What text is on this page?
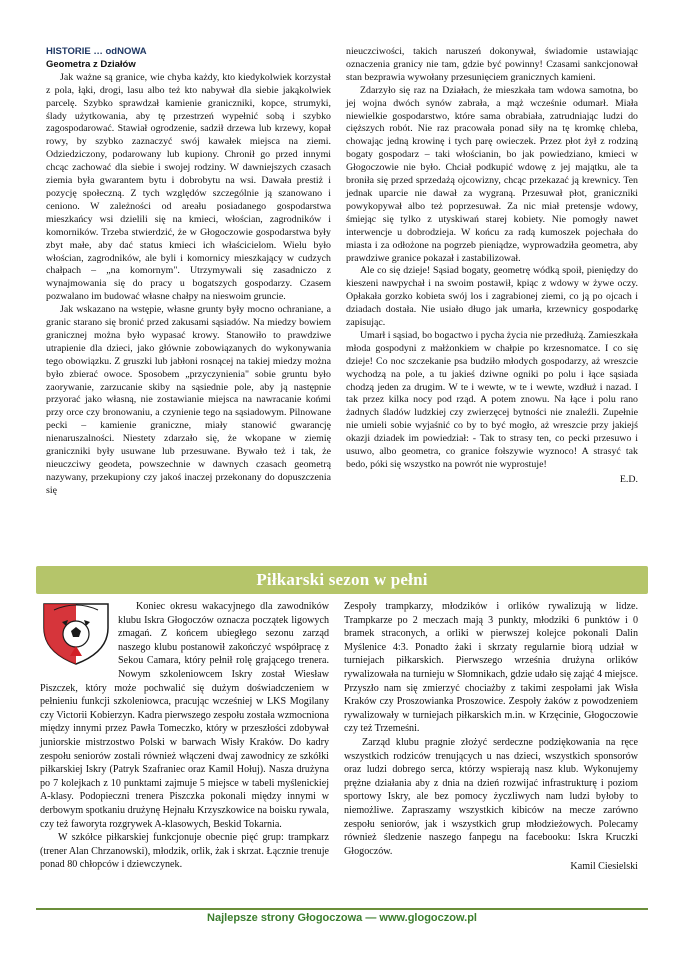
HISTORIE … odNOWA
Geometra z Działów

Jak ważne są granice, wie chyba każdy, kto kiedykolwiek korzystał z pola, łąki, drogi, lasu albo też kto nabywał dla siebie jakąkolwiek parcelę. Szybko sprawdzał kamienie graniczniki, kopce, strumyki, ślady użytkowania, aby tę przestrzeń wypełnić sobą i szybko zagospodarować. Stawiał ogrodzenie, sadził drzewa lub krzewy, kopał rowy, by szybko zaznaczyć swój kawałek miejsca na ziemi. Odziedziczony, podarowany lub kupiony. Chronił go przed innymi chcąc zachować dla siebie i swojej rodziny. W dawniejszych czasach ziemia była gwarantem bytu i dobrobytu na wsi. Dawała prestiż i pozycję społeczną. Z tych względów szczególnie ją szanowano i ceniono. W zależności od areału posiadanego gospodarstwa mieszkańcy wsi dzielili się na kmieci, włościan, zagrodników i komorników. Trzeba stwierdzić, że w Głogoczowie gospodarstwa były zbyt małe, aby dać status kmieci ich właścicielom. Wielu było włościan, zagrodników, ale byli i komornicy mieszkający w cudzych chałpach – „na komornym". Utrzymywali się zasadniczo z wynajmowania się do pracy u bogatszych gospodarzy. Czasem pozwalano im budować własne chałpy na nieswoim gruncie.

Jak wskazano na wstępie, własne grunty były mocno ochraniane, a granic starano się bronić przed zakusami sąsiadów. Na miedzy bowiem granicznej można było wypasać krowy. Stanowiło to prawdziwe utrapienie dla dzieci, jako głównie zobowiązanych do wykonywania tego obowiązku. Z gruszki lub jabłoni rosnącej na takiej miedzy można było zbierać owoce. Sposobem „przyczynienia" sobie gruntu było zaorywanie, zarzucanie skiby na sąsiednie pole, aby ją następnie przyorać jako własną, nie zostawianie miejsca na nawracanie końmi przy orce czy bronowaniu, a czynienie tego na sąsiadowym. Pilnowane pecki – kamienie graniczne, miały stanowić gwarancję nienaruszalności. Niestety zdarzało się, że wkopane w ziemię graniczniki były usuwane lub przesuwane. Bywało też i tak, że nieuczciwy geodeta, powszechnie w dawnych czasach geometrą nazywany, przekupiony czy jakoś inaczej przekonany do dopuszczenia się

nieuczciwości, takich naruszeń dokonywał, świadomie ustawiając oznaczenia granicy nie tam, gdzie być powinny! Czasami sankcjonował stan bezprawia wywołany przesunięciem granicznych kamieni.

Zdarzyło się raz na Działach, że mieszkała tam wdowa samotna, bo jej wojna dwóch synów zabrała, a mąż wcześnie odumarł. Miała niewielkie gospodarstwo, które sama obrabiała, zatrudniając ludzi do cięższych robót. Nie raz pracowała ponad siły na tę kromkę chleba, chowając jedną krowinę i tych parę owieczek. Przez płot żył z rodziną bogaty gospodarz – taki włościanin, bo jak powiedziano, kmieci w Głogoczowie nie było. Chciał podkupić wdowę z jej majątku, ale ta broniła się przed sprzedażą ojcowizny, chcąc przekazać ją krewnicy. Ten jednak uparcie nie dawał za wygraną. Przesuwał płot, graniczniki powykopywał albo też poprzesuwał. Za nic miał pretensje wdowy, śmiejąc się tylko z utyskiwań starej kobiety. Nie pomogły nawet interwencje u dobrodzieja. W końcu za radą kumoszek pojechała do miasta i za odłożone na pogrzeb pieniądze, wyprowadziła geometra, aby prawdziwe granice pokazał i zastabilizował.

Ale co się dzieje! Sąsiad bogaty, geometrę wódką spoił, pieniędzy do kieszeni nawpychał i na swoim postawił, kpiąc z wdowy w żywe oczy. Opłakała gorzko kobieta swój los i zagrabionej ziemi, co ją po ojcach i dziadach dostała. Nie usiało długo jak umarła, krzewnicy gospodarkę zapisując.

Umarł i sąsiad, bo bogactwo i pycha życia nie przedłużą. Zamieszkała młoda gospodyni z małżonkiem w chałpie po krzesnomatce. I co się dzieje! Co noc szczekanie psa budziło młodych gospodarzy, aż wreszcie wychodzą na pole, a tu jakieś dziwne ogniki po polu i łące sąsiada chodzą jeden za drugim. W te i wewte, w te i wewte, wzdłuż i nazad. I tak przez kilka nocy pod rząd. A potem znowu. Na łące i polu rano żadnych śladów ludzkiej czy zwierzęcej bytności nie znaleźli. Zupełnie nie umieli sobie wyjaśnić co by to być mogło, aż wreszcie przy jakiejś okazji dziadek im powiedział: - Tak to strasy ten, co pecki przesuwo i usuwo, albo geometra, co granice fołszywie wyznoco! A strasyć tak bedo, póki się wszystko na powrót nie wyprostuje!

E.D.
Piłkarski sezon w pełni

Koniec okresu wakacyjnego dla zawodników klubu Iskra Głogoczów oznacza początek ligowych zmagań. Z końcem ubiegłego sezonu zarząd naszego klubu postanowił zakończyć współpracę z Sekou Camara, który pełnił rolę grającego trenera. Nowym szkoleniowcem Iskry został Wiesław Piszczek, który może pochwalić się dużym doświadczeniem w pełnieniu funkcji szkoleniowca, pracując wcześniej w LKS Mogilany czy Victorii Kobierzyn. Kadra pierwszego zespołu została wzmocniona między innymi przez Pawła Tomeczko, który w przeszłości zdobywał juniorskie mistrzostwo Polski w barwach Wisły Kraków. Do kadry zespołu seniorów zostali również włączeni dwaj zawodnicy ze szkółki piłkarskiej Iskry (Patryk Szafraniec oraz Kamil Hołuj). Nasza drużyna po 7 kolejkach z 10 punktami zajmuje 5 miejsce w tabeli myślenickiej A-klasy. Podopieczni trenera Piszczka pokonali między innymi w derbowym spotkaniu drużynę Hejnału Krzyszkowice na boisku rywala, czy też faworyta rozgrywek A-klasowych, Beskid Tokarnia.

W szkółce piłkarskiej funkcjonuje obecnie pięć grup: trampkarz (trener Alan Chrzanowski), młodzik, orlik, żak i skrzat. Łącznie trenuje ponad 80 chłopców i dziewczynek.

Zespoły trampkarzy, młodzików i orlików rywalizują w lidze. Trampkarze po 2 meczach mają 3 punkty, młodziki 6 punktów i 0 bramek straconych, a orliki w pierwszej kolejce pokonali Dalin Myślenice 4:3. Ponadto żaki i skrzaty regularnie biorą udział w turniejach piłkarskich. Pierwszego września drużyna orlików rywalizowała na turnieju w Słomnikach, gdzie udało się zająć 4 miejsce. Przyszło nam się zmierzyć chociażby z takimi zespołami jak Wisła Kraków czy Proszowianka Proszowice. Zespoły żaków z powodzeniem rywalizowały w turniejach piłkarskich m.in. w Krzęcinie, Głogoczowie czy też Trzemeśni.

Zarząd klubu pragnie złożyć serdeczne podziękowania na ręce wszystkich rodziców trenujących u nas dzieci, wszystkich sponsorów oraz ludzi dobrego serca, którzy wspierają nasz klub. Wykonujemy prężne działania aby z dnia na dzień rozwijać infrastrukturę i poziom sportowy Iskry, ale bez pomocy życzliwych nam ludzi byłoby to niemożliwe. Zapraszamy wszystkich kibiców na mecze zarówno zespołu seniorów, jak i wszystkich grup młodzieżowych. Polecamy również śledzenie naszego fanpegu na facebooku: Iskra Kruczki Głogoczów.

Kamil Ciesielski
Najlepsze strony Głogoczowa — www.glogoczow.pl
